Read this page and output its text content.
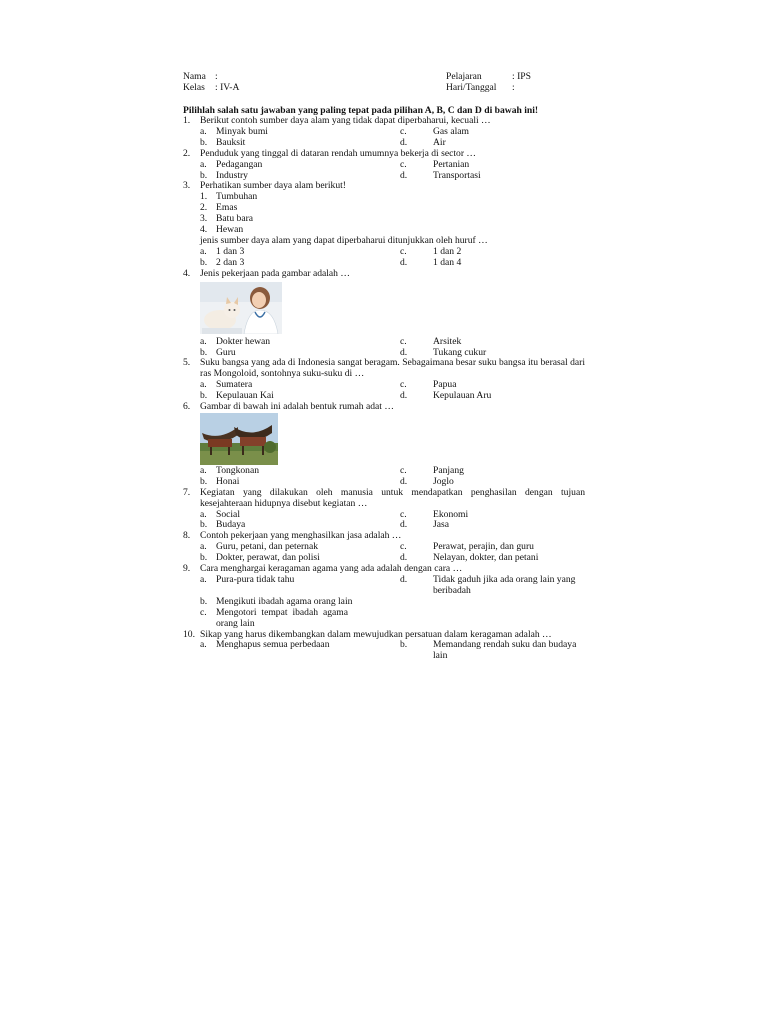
Nama :	Pelajaran	: IPS
Kelas : IV-A	Hari/Tanggal :
Pilihlah salah satu jawaban yang paling tepat pada pilihan A, B, C dan D di bawah ini!
1. Berikut contoh sumber daya alam yang tidak dapat diperbaharui, kecuali …
a. Minyak bumi	c.	Gas alam
b. Bauksit	d.	Air
2. Penduduk yang tinggal di dataran rendah umumnya bekerja di sector …
a. Pedagangan	c.	Pertanian
b. Industry	d.	Transportasi
3. Perhatikan sumber daya alam berikut!
1. Tumbuhan
2. Emas
3. Batu bara
4. Hewan
jenis sumber daya alam yang dapat diperbaharui ditunjukkan oleh huruf …
a. 1 dan 3	c.	1 dan 2
b. 2 dan 3	d.	1 dan 4
4. Jenis pekerjaan pada gambar adalah …
a. Dokter hewan	c.	Arsitek
b. Guru	d.	Tukang cukur
5. Suku bangsa yang ada di Indonesia sangat beragam. Sebagaimana besar suku bangsa itu berasal dari ras Mongoloid, sontohnya suku-suku di …
a. Sumatera	c.	Papua
b. Kepulauan Kai	d.	Kepulauan Aru
6. Gambar di bawah ini adalah bentuk rumah adat …
a. Tongkonan	c.	Panjang
b. Honai	d.	Joglo
7. Kegiatan yang dilakukan oleh manusia untuk mendapatkan penghasilan dengan tujuan kesejahteraan hidupnya disebut kegiatan …
a. Social	c.	Ekonomi
b. Budaya	d.	Jasa
8. Contoh pekerjaan yang menghasilkan jasa adalah …
a. Guru, petani, dan peternak	c.	Perawat, perajin, dan guru
b. Dokter, perawat, dan polisi	d.	Nelayan, dokter, dan petani
9. Cara menghargai keragaman agama yang ada adalah dengan cara …
a. Pura-pura tidak tahu	d.	Tidak gaduh jika ada orang lain yang beribadah
b. Mengikuti ibadah agama orang lain
c. Mengotori tempat ibadah agama orang lain
10. Sikap yang harus dikembangkan dalam mewujudkan persatuan dalam keragaman adalah …
a. Menghapus semua perbedaan	b.	Memandang rendah suku dan budaya lain
